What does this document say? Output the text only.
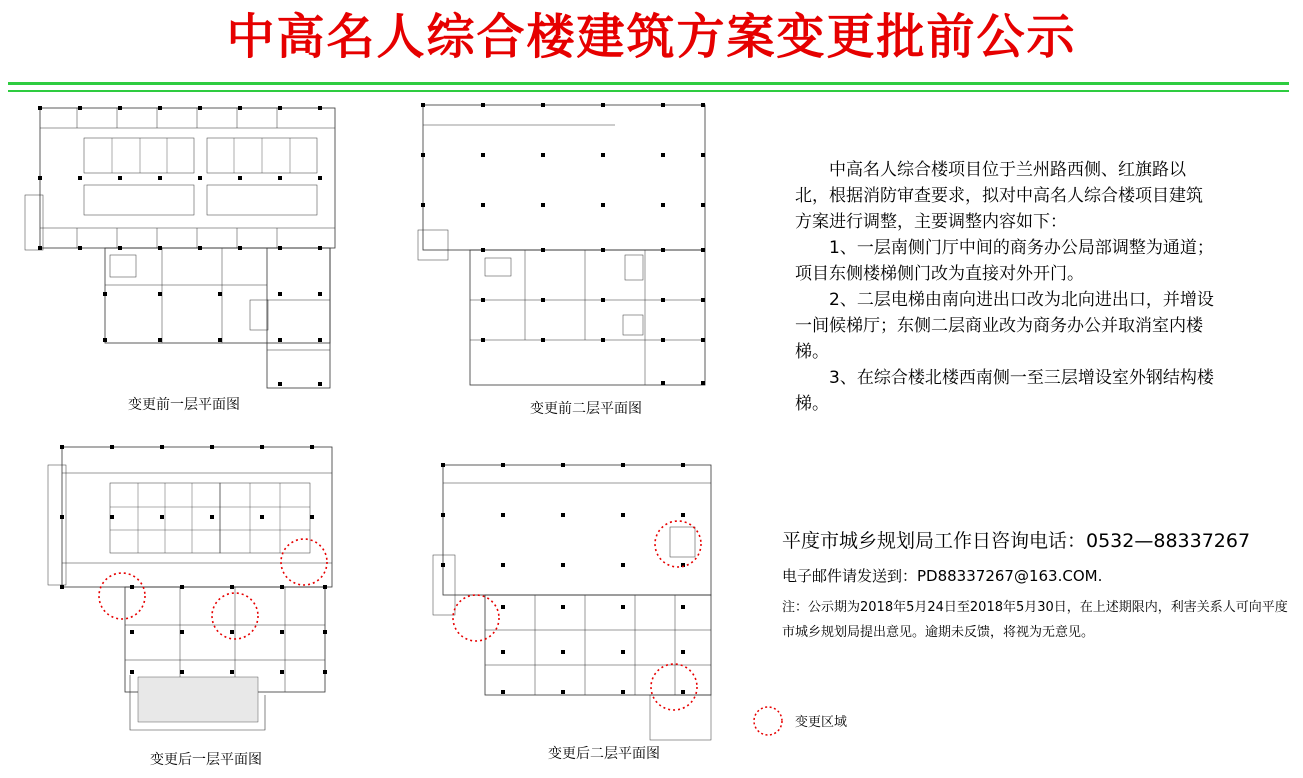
中高名人综合楼建筑方案变更批前公示
变更前一层平面图	变更前二层平面图
变更后一层平面图	变更后二层平面图

中高名人综合楼项目位于兰州路西侧、红旗路以北，根据消防审查要求，拟对中高名人综合楼项目建筑方案进行调整，主要调整内容如下：

1、一层南侧门厅中间的商务办公局部调整为通道；项目东侧楼梯侧门改为直接对外开门。

2、二层电梯由南向进出口改为北向进出口，并增设一间候梯厅；东侧二层商业改为商务办公并取消室内楼梯。

3、在综合楼北楼西南侧一至三层增设室外钢结构楼梯。

平度市城乡规划局工作日咨询电话：0532—88337267
电子邮件请发送到：PD88337267@163.COM.
注：公示期为2018年5月24日至2018年5月30日，在上述期限内，利害关系人可向平度市城乡规划局提出意见。逾期未反馈，将视为无意见。
变更区域
